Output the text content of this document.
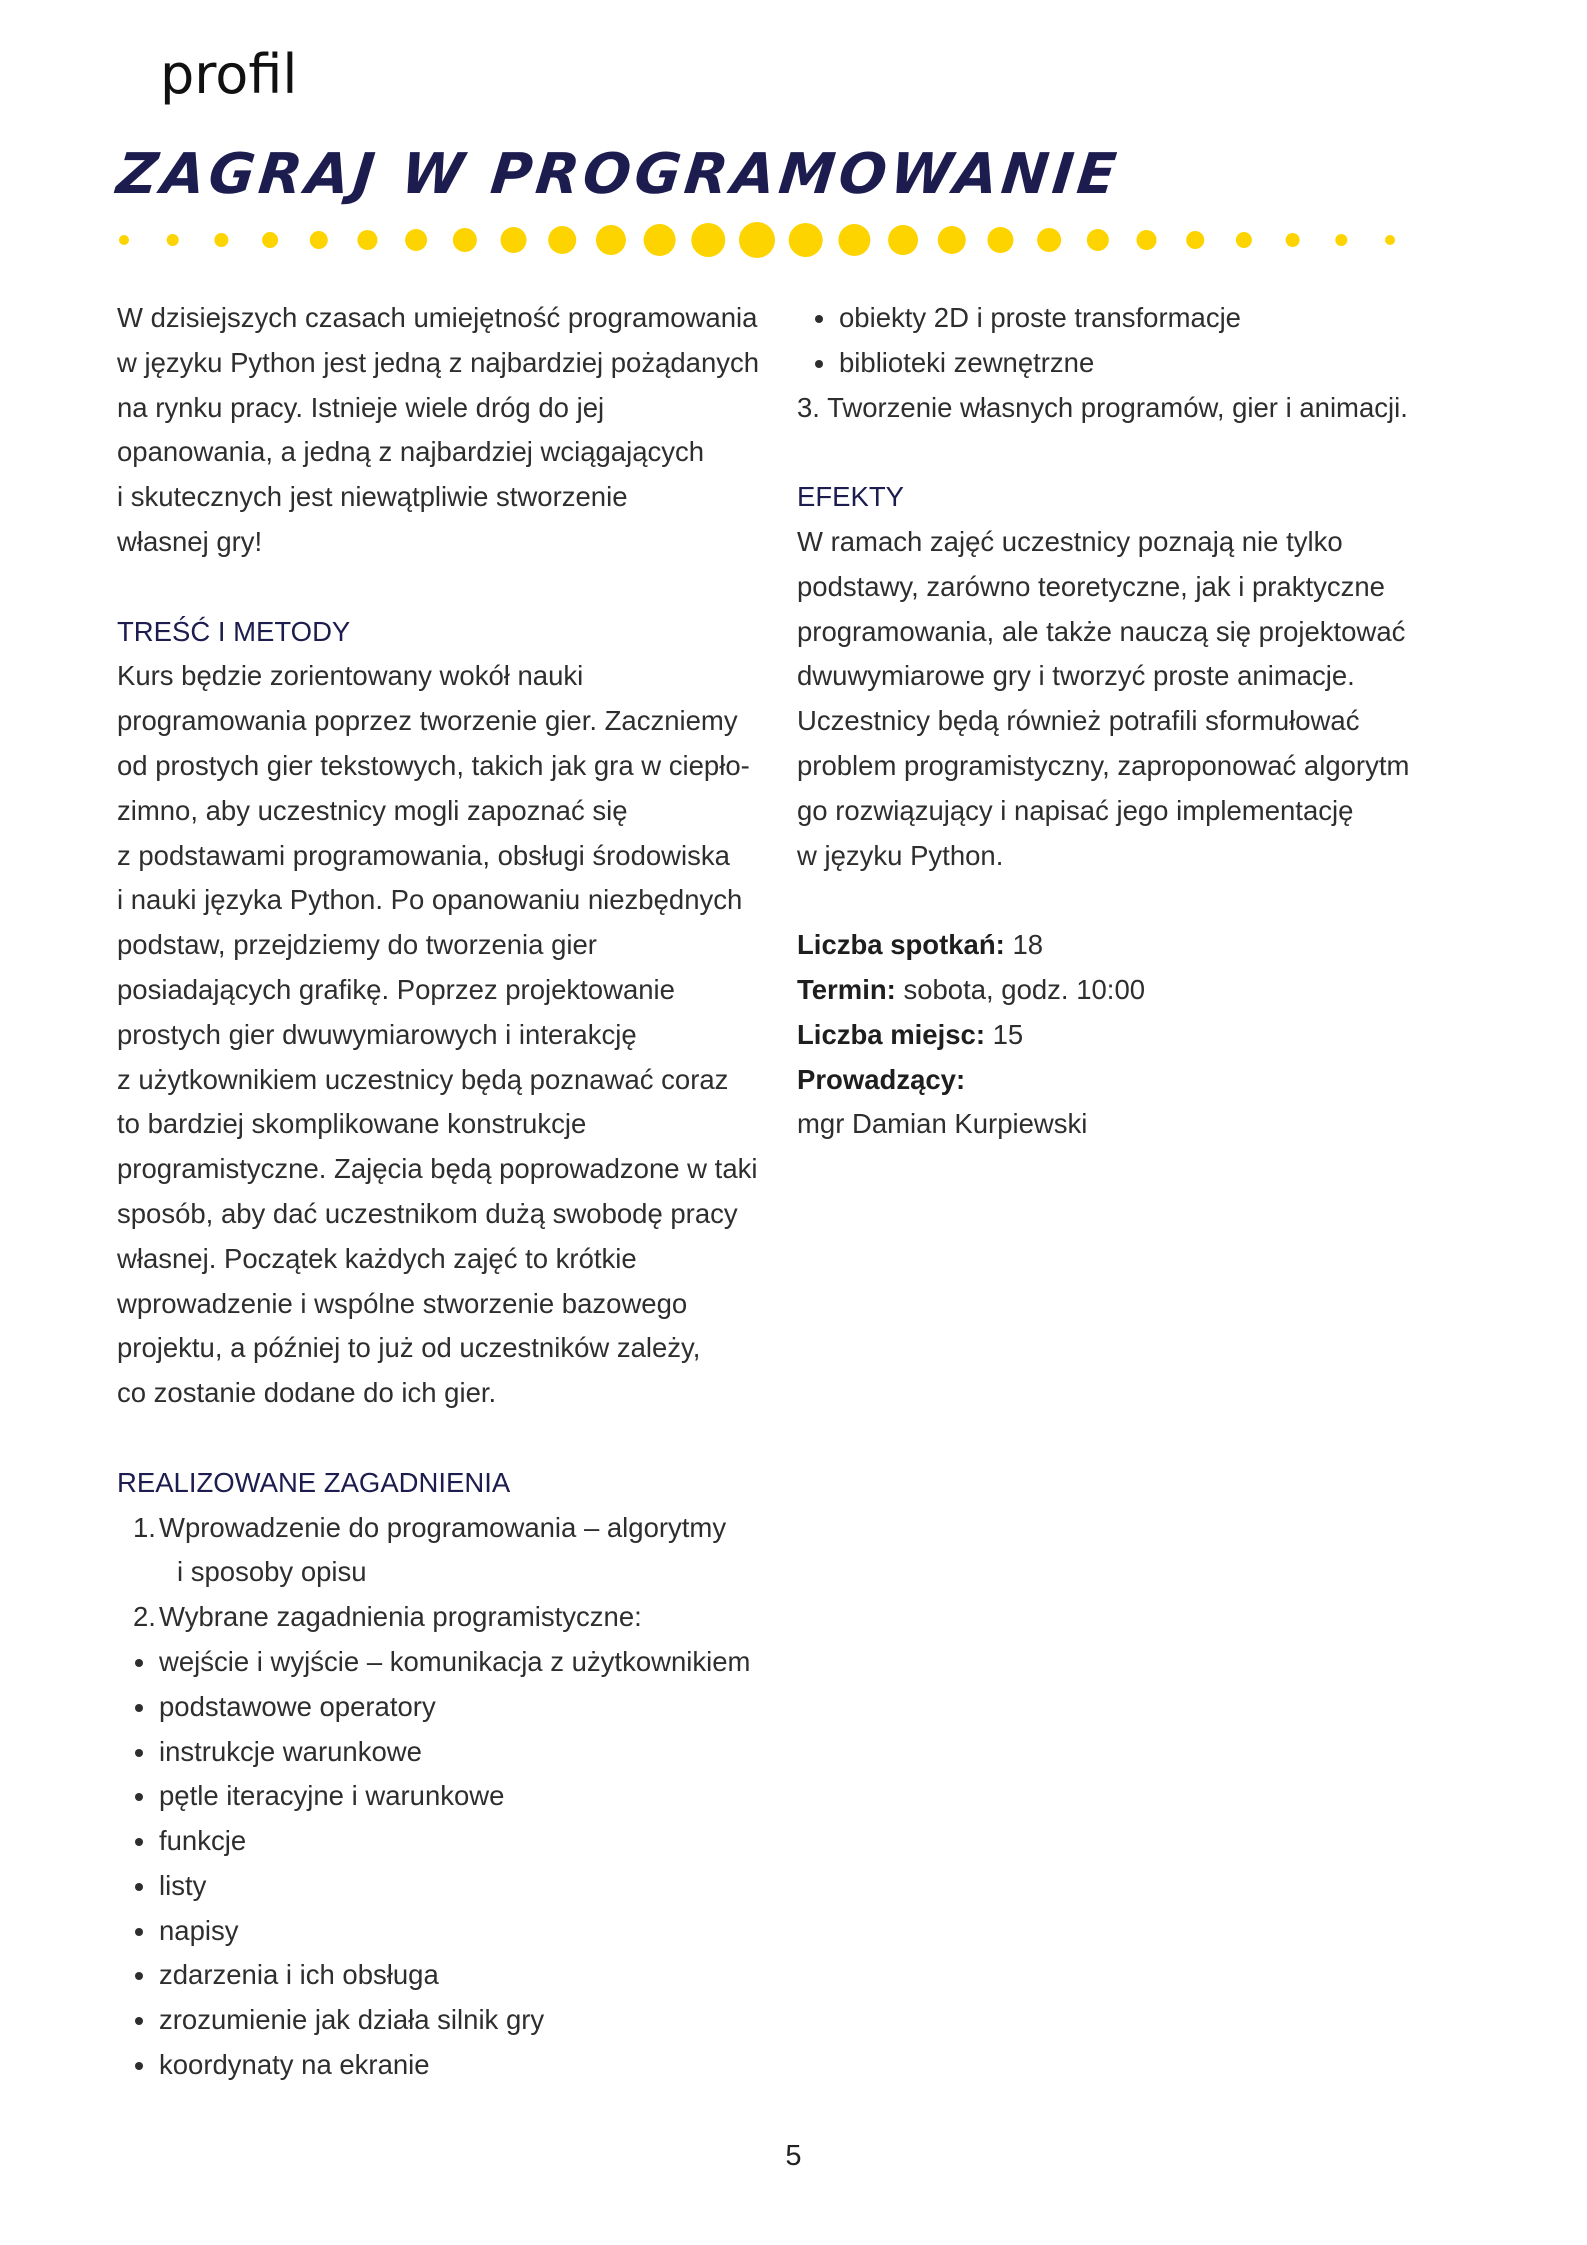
profil
ZAGRAJ W PROGRAMOWANIE

W dzisiejszych czasach umiejętność programowania

w języku Python jest jedną z najbardziej pożądanych

na rynku pracy. Istnieje wiele dróg do jej

opanowania, a jedną z najbardziej wciągających

i skutecznych jest niewątpliwie stworzenie

własnej gry!

TREŚĆ I METODY

Kurs będzie zorientowany wokół nauki

programowania poprzez tworzenie gier. Zaczniemy

od prostych gier tekstowych, takich jak gra w ciepło-

zimno, aby uczestnicy mogli zapoznać się

z podstawami programowania, obsługi środowiska

i nauki języka Python. Po opanowaniu niezbędnych

podstaw, przejdziemy do tworzenia gier

posiadających grafikę. Poprzez projektowanie

prostych gier dwuwymiarowych i interakcję

z użytkownikiem uczestnicy będą poznawać coraz

to bardziej skomplikowane konstrukcje

programistyczne. Zajęcia będą poprowadzone w taki

sposób, aby dać uczestnikom dużą swobodę pracy

własnej. Początek każdych zajęć to krótkie

wprowadzenie i wspólne stworzenie bazowego

projektu, a później to już od uczestników zależy,

co zostanie dodane do ich gier.

REALIZOWANE ZAGADNIENIA

1. Wprowadzenie do programowania – algorytmy

i sposoby opisu

2. Wybrane zagadnienia programistyczne:

wejście i wyjście – komunikacja z użytkownikiem

podstawowe operatory

instrukcje warunkowe

pętle iteracyjne i warunkowe

funkcje

listy

napisy

zdarzenia i ich obsługa

zrozumienie jak działa silnik gry

koordynaty na ekranie

obiekty 2D i proste transformacje

biblioteki zewnętrzne

3. Tworzenie własnych programów, gier i animacji.

EFEKTY

W ramach zajęć uczestnicy poznają nie tylko

podstawy, zarówno teoretyczne, jak i praktyczne

programowania, ale także nauczą się projektować

dwuwymiarowe gry i tworzyć proste animacje.

Uczestnicy będą również potrafili sformułować

problem programistyczny, zaproponować algorytm

go rozwiązujący i napisać jego implementację

w języku Python.

Liczba spotkań: 18

Termin: sobota, godz. 10:00

Liczba miejsc: 15

Prowadzący:

mgr Damian Kurpiewski

5
